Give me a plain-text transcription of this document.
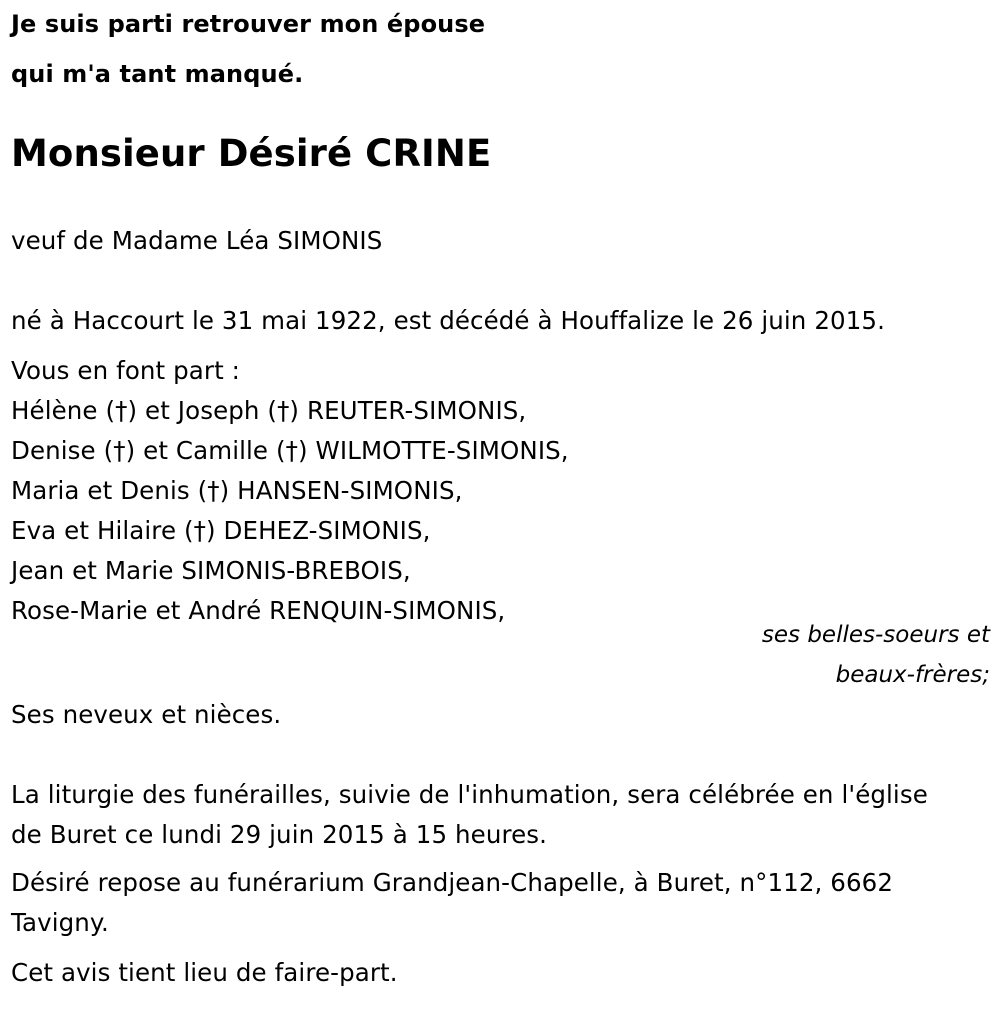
Je suis parti retrouver mon épouse
qui m'a tant manqué.
Monsieur Désiré CRINE
veuf de Madame Léa SIMONIS
né à Haccourt le 31 mai 1922, est décédé à Houffalize le 26 juin 2015.
Vous en font part :
Hélène (†) et Joseph (†) REUTER-SIMONIS,
Denise (†) et Camille (†) WILMOTTE-SIMONIS,
Maria et Denis (†) HANSEN-SIMONIS,
Eva et Hilaire (†) DEHEZ-SIMONIS,
Jean et Marie SIMONIS-BREBOIS,
Rose-Marie et André RENQUIN-SIMONIS,
ses belles-soeurs et
beaux-frères;
Ses neveux et nièces.
La liturgie des funérailles, suivie de l'inhumation, sera célébrée en l'église
de Buret ce lundi 29 juin 2015 à 15 heures.
Désiré repose au funérarium Grandjean-Chapelle, à Buret, n°112, 6662
Tavigny.
Cet avis tient lieu de faire-part.
